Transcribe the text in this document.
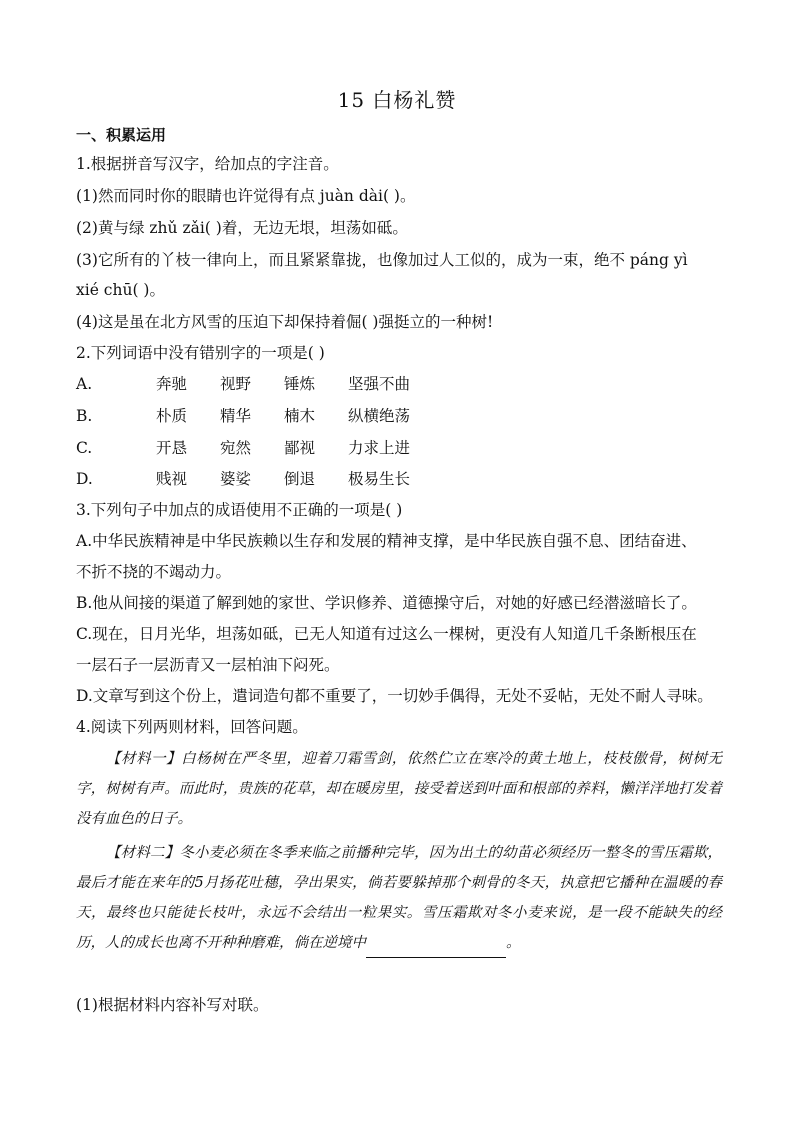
15 白杨礼赞
一、积累运用
1.根据拼音写汉字，给加点的字注音。
(1)然而同时你的眼睛也许觉得有点 juàn dài( )。
(2)黄与绿 zhǔ zǎi( )着，无边无垠，坦荡如砥。
(3)它所有的丫枝一律向上，而且紧紧靠拢，也像加过人工似的，成为一束，绝不 páng yì
xié chū( )。
(4)这是虽在北方风雪的压迫下却保持着倔( )强挺立的一种树!
2.下列词语中没有错别字的一项是( )
A.	奔驰 视野 锤炼 坚强不曲
B.	朴质 精华 楠木 纵横绝荡
C.	开恳 宛然 鄙视 力求上进
D.	贱视 婆娑 倒退 极易生长
3.下列句子中加点的成语使用不正确的一项是( )
A.中华民族精神是中华民族赖以生存和发展的精神支撑，是中华民族自强不息、团结奋进、
不折不挠的不竭动力。
B.他从间接的渠道了解到她的家世、学识修养、道德操守后，对她的好感已经潜滋暗长了。
C.现在，日月光华，坦荡如砥，已无人知道有过这么一棵树，更没有人知道几千条断根压在
一层石子一层沥青又一层柏油下闷死。
D.文章写到这个份上，遣词造句都不重要了，一切妙手偶得，无处不妥帖，无处不耐人寻味。
4.阅读下列两则材料，回答问题。
【材料一】白杨树在严冬里，迎着刀霜雪剑，依然伫立在寒冷的黄土地上，枝枝傲骨，树树无字，树树有声。而此时，贵族的花草，却在暖房里，接受着送到叶面和根部的养料，懒洋洋地打发着没有血色的日子。
【材料二】冬小麦必须在冬季来临之前播种完毕，因为出土的幼苗必须经历一整冬的雪压霜欺，最后才能在来年的5月扬花吐穗，孕出果实，倘若要躲掉那个刺骨的冬天，执意把它播种在温暖的春天，最终也只能徒长枝叶，永远不会结出一粒果实。雪压霜欺对冬小麦来说，是一段不能缺失的经历，人的成长也离不开种种磨难，倘在逆境中	。
(1)根据材料内容补写对联。
